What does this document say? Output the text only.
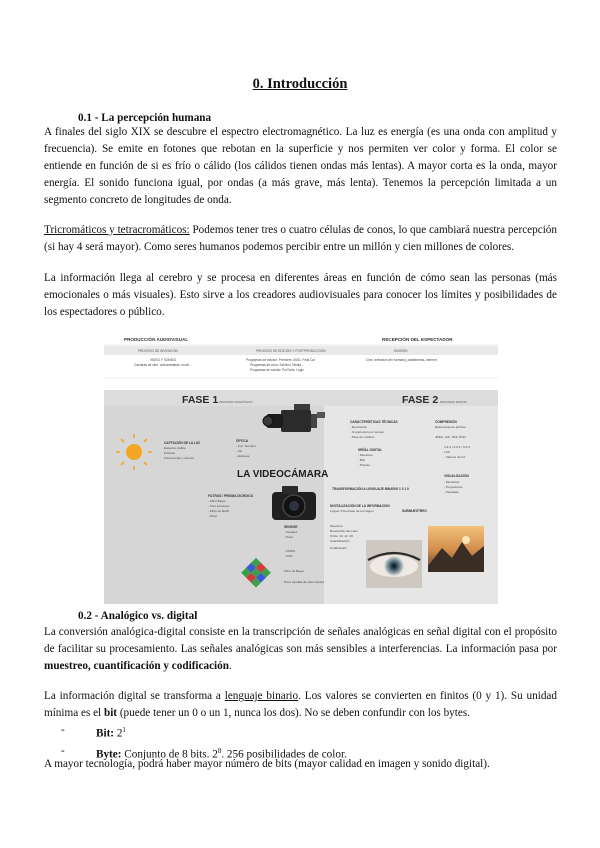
0. Introducción
0.1 - La percepción humana
A finales del siglo XIX se descubre el espectro electromagnético. La luz es energía (es una onda con amplitud y frecuencia). Se emite en fotones que rebotan en la superficie y nos permiten ver color y forma. El color se entiende en función de si es frío o cálido (los cálidos tienen ondas más lentas). A mayor corta es la onda, mayor energía. El sonido funciona igual, por ondas (a más grave, más lenta). Tenemos la percepción limitada a un segmento concreto de longitudes de onda.
Tricromáticos y tetracromáticos: Podemos tener tres o cuatro células de conos, lo que cambiará nuestra percepción (si hay 4 será mayor). Como seres humanos podemos percibir entre un millón y cien millones de colores.
La información llega al cerebro y se procesa en diferentes áreas en función de cómo sean las personas (más emocionales o más visuales). Esto sirve a los creadores audiovisuales para conocer los límites y posibilidades de los espectadores o público.
PRODUCCIÓN AUDIOVISUAL	RECEPCIÓN DEL ESPECTADOR
PROCESO DE INVENCIÓN	PROCESO DE EDICIÓN Y POSTPRODUCCIÓN	EMISIÓN
VIDEO Y SONIDO
Cámaras de cine, videocámaras, móvil...
Programas de edición: Premiere, AVID, Final Cut
Programas de color: DaVinci, Media...
Programas de sonido: ProTools, Logic
Cine, televisión (en formato), plataformas, internet
FASE 1 PROCESO ANALÓGICO	FASE 2 PROCESO DIGITAL
CAPTACIÓN DE LA LUZ
Espectro visible
Fotones
Frecuencias y colores
ÓPTICA
- Foc. humano
- Iris
- Enfoque
LA VIDEOCÁMARA
FILTROS / PRISMA DICROICO
- Filtro Bayer
- Tres sensores
- Filtro de RGB
- Píxel
SENSOR
- Canales
- Píxel
- CMOS
- CCD
Filtro de Bayer
Píxel (unidad de información)
CARACTERÍSTICAS TÉCNICAS
- Resolución
- Compresión por tiempo
- Tasa de cuadros
COMPRESIÓN
Estructuras de archivo
JPEG, GIF, TIFF, PNG
SEÑAL DIGITAL
- Muestreo
- Bits
- Píxeles
4:4:4 / 4:2:2 / 4:2:0
LUZ
- Valores de luz
VISUALIZACIÓN
- Monitores
- Proyectores
- Pantallas
TRANSFORMACIÓN A LENGUAJE BINARIO 1 0 1 0
DIGITALIZACIÓN DE LA INFORMACIÓN
Lograr: Píxel base de la imagen
Muestreo
Resolución del color
8 bits, 10, 12, 16
Cuantificación
Codificación
SUBMUESTREO
0.2 - Analógico vs. digital
La conversión analógica-digital consiste en la transcripción de señales analógicas en señal digital con el propósito de facilitar su procesamiento. Las señales analógicas son más sensibles a interferencias. La información pasa por muestreo, cuantificación y codificación.
La información digital se transforma a lenguaje binario. Los valores se convierten en finitos (0 y 1). Su unidad mínima es el bit (puede tener un 0 o un 1, nunca los dos). No se deben confundir con los bytes.
-	Bit: $2^1$
-	Byte: Conjunto de 8 bits. $2^8$. 256 posibilidades de color.
A mayor tecnología, podrá haber mayor número de bits (mayor calidad en imagen y sonido digital).
